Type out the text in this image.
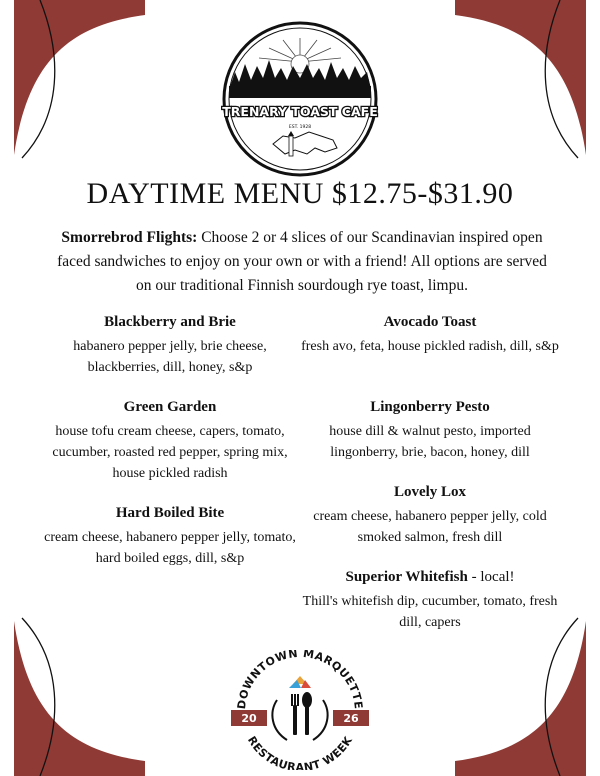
TRENARY TOAST CAFE
EST. 1928
DAYTIME MENU $12.75-$31.90
Smorrebrod Flights: Choose 2 or 4 slices of our Scandinavian inspired open faced sandwiches to enjoy on your own or with a friend! All options are served on our traditional Finnish sourdough rye toast, limpu.
Blackberry and Brie
habanero pepper jelly, brie cheese, blackberries, dill, honey, s&p
Green Garden
house tofu cream cheese, capers, tomato, cucumber, roasted red pepper, spring mix, house pickled radish
Hard Boiled Bite
cream cheese, habanero pepper jelly, tomato, hard boiled eggs, dill, s&p
Avocado Toast
fresh avo, feta, house pickled radish, dill, s&p
Lingonberry Pesto
house dill & walnut pesto, imported lingonberry, brie, bacon, honey, dill
Lovely Lox
cream cheese, habanero pepper jelly, cold smoked salmon, fresh dill
Superior Whitefish - local!
Thill's whitefish dip, cucumber, tomato, fresh dill, capers
DOWNTOWN MARQUETTE
RESTAURANT WEEK
20	26
